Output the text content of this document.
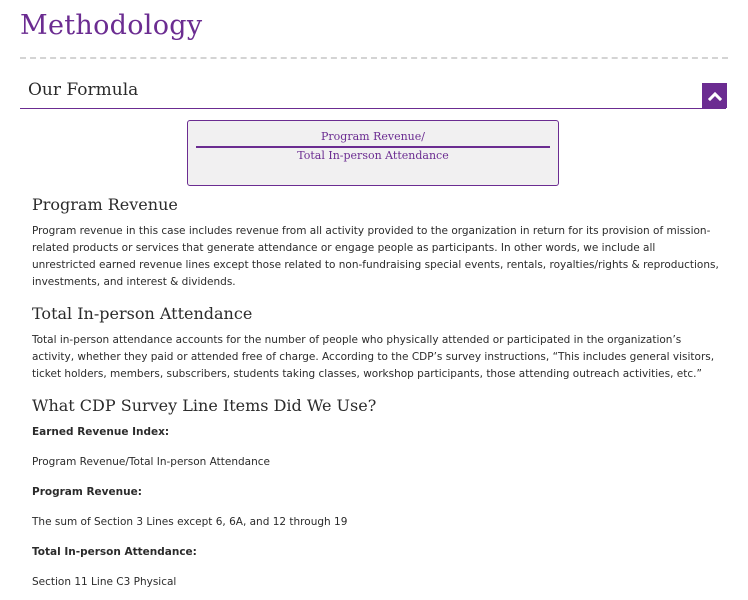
Methodology
Our Formula
Program Revenue/
Total In-person Attendance
Program Revenue

Program revenue in this case includes revenue from all activity provided to the organization in return for its provision of mission-related products or services that generate attendance or engage people as participants. In other words, we include all unrestricted earned revenue lines except those related to non-fundraising special events, rentals, royalties/rights & reproductions, investments, and interest & dividends.

Total In-person Attendance

Total in-person attendance accounts for the number of people who physically attended or participated in the organization’s activity, whether they paid or attended free of charge. According to the CDP’s survey instructions, “This includes general visitors, ticket holders, members, subscribers, students taking classes, workshop participants, those attending outreach activities, etc.”

What CDP Survey Line Items Did We Use?

Earned Revenue Index:

Program Revenue/Total In-person Attendance

Program Revenue:

The sum of Section 3 Lines except 6, 6A, and 12 through 19

Total In-person Attendance:

Section 11 Line C3 Physical
